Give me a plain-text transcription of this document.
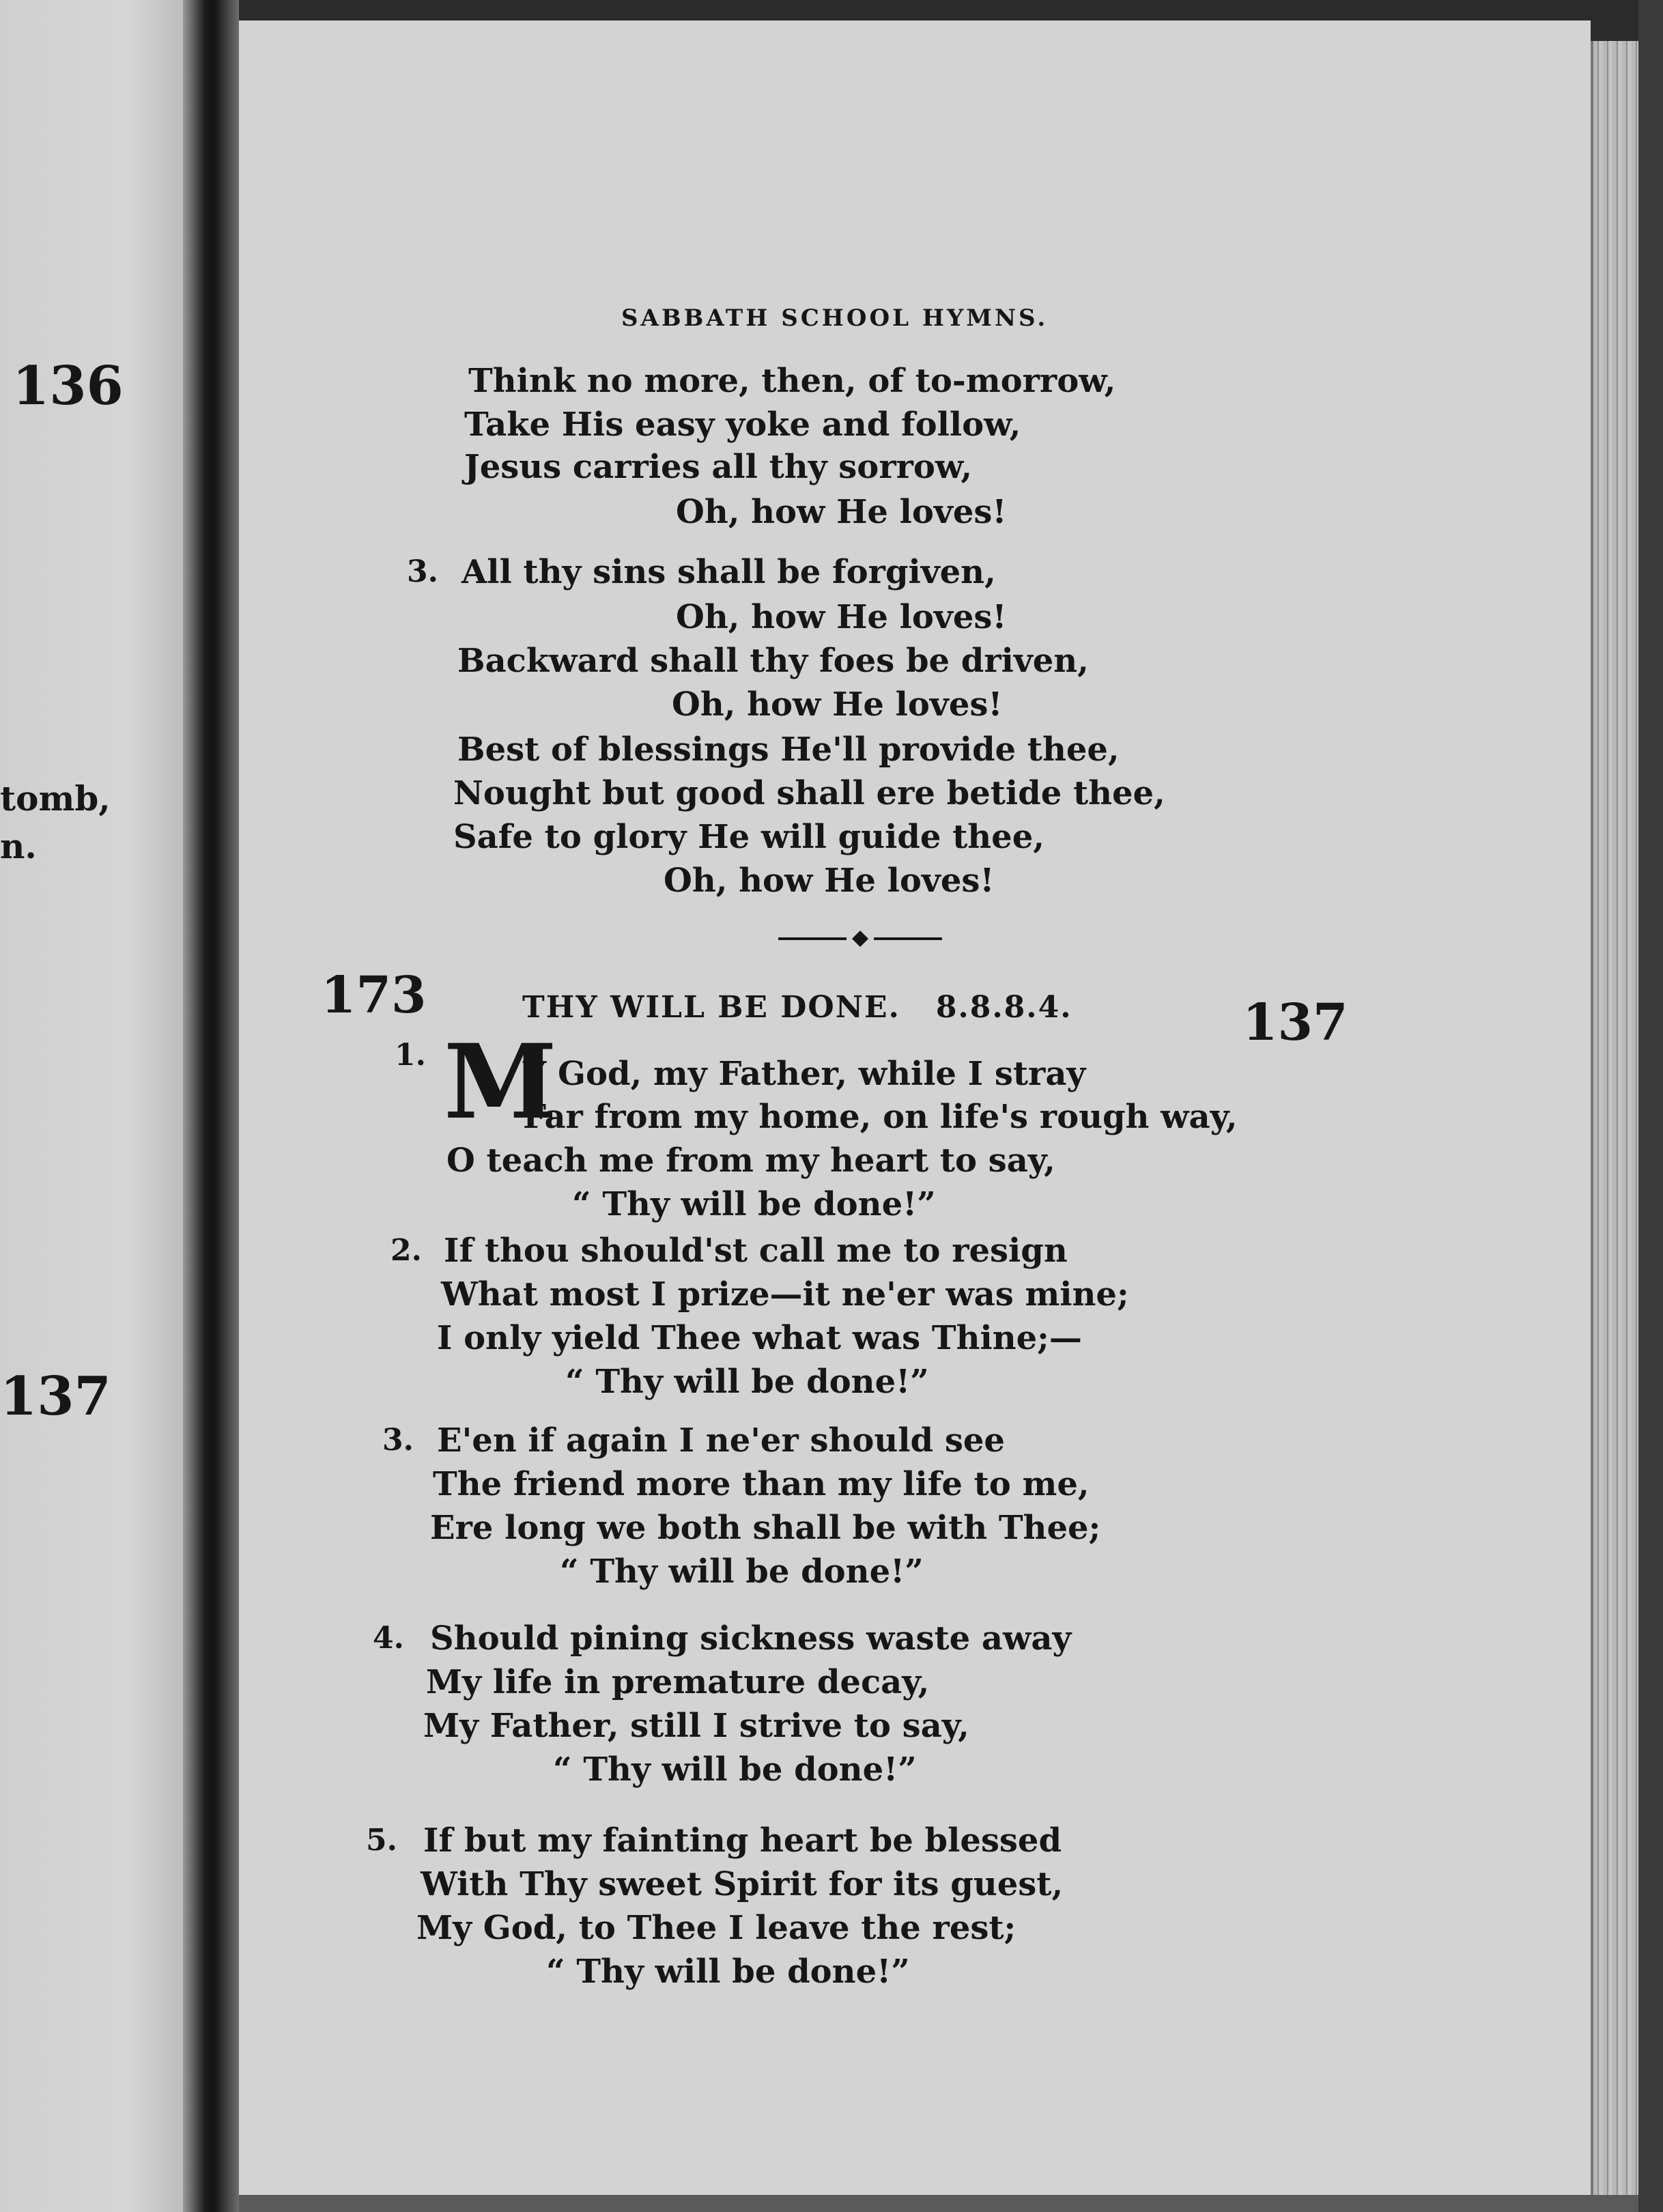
136

tomb,

n.

137

SABBATH SCHOOL HYMNS.

Think no more, then, of to-morrow,

Take His easy yoke and follow,

Jesus carries all thy sorrow,

Oh, how He loves!

3. All thy sins shall be forgiven,

Oh, how He loves!

Backward shall thy foes be driven,

Oh, how He loves!

Best of blessings He'll provide thee,

Nought but good shall ere betide thee,

Safe to glory He will guide thee,

Oh, how He loves!

173	THY WILL BE DONE. 8.8.8.4.	137

1. M

Y God, my Father, while I stray

Far from my home, on life's rough way,

O teach me from my heart to say,

“ Thy will be done!”

2. If thou should'st call me to resign

What most I prize—it ne'er was mine;

I only yield Thee what was Thine;—

“ Thy will be done!”

3. E'en if again I ne'er should see

The friend more than my life to me,

Ere long we both shall be with Thee;

“ Thy will be done!”

4. Should pining sickness waste away

My life in premature decay,

My Father, still I strive to say,

“ Thy will be done!”

5. If but my fainting heart be blessed

With Thy sweet Spirit for its guest,

My God, to Thee I leave the rest;

“ Thy will be done!”
